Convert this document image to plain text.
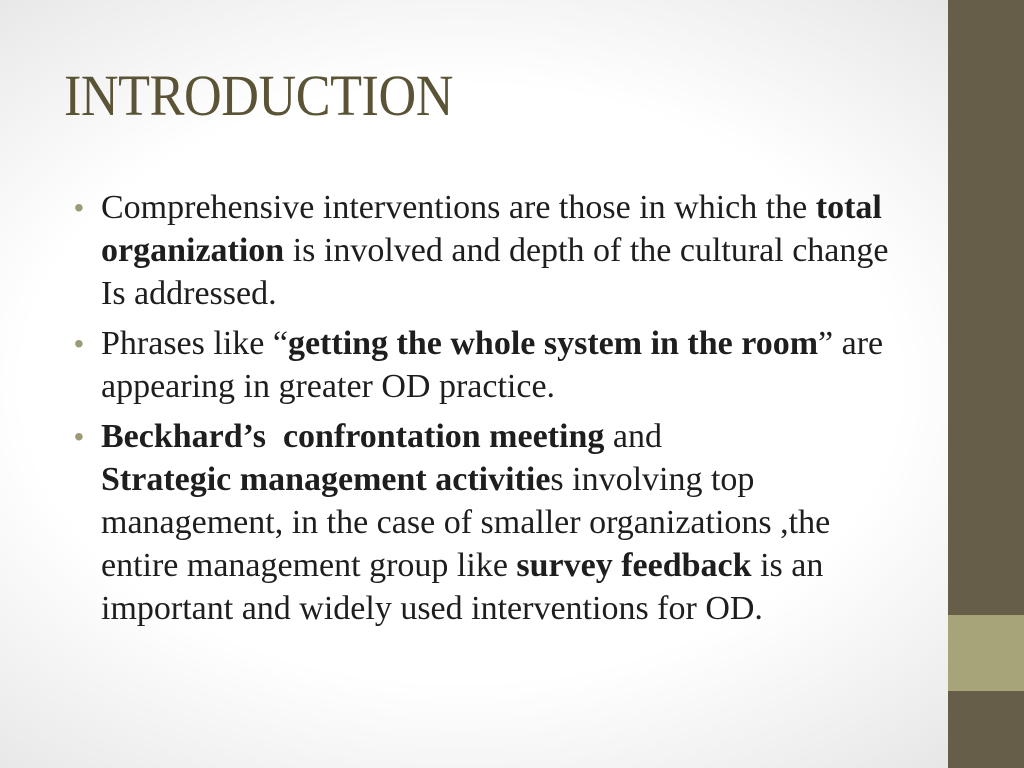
INTRODUCTION
• Comprehensive interventions are those in which the total organization is involved and depth of the cultural change Is addressed.
• Phrases like “getting the whole system in the room” are appearing in greater OD practice.
• Beckhard’s  confrontation meeting and
Strategic management activities involving top management, in the case of smaller organizations ,the entire management group like survey feedback is an important and widely used interventions for OD.
